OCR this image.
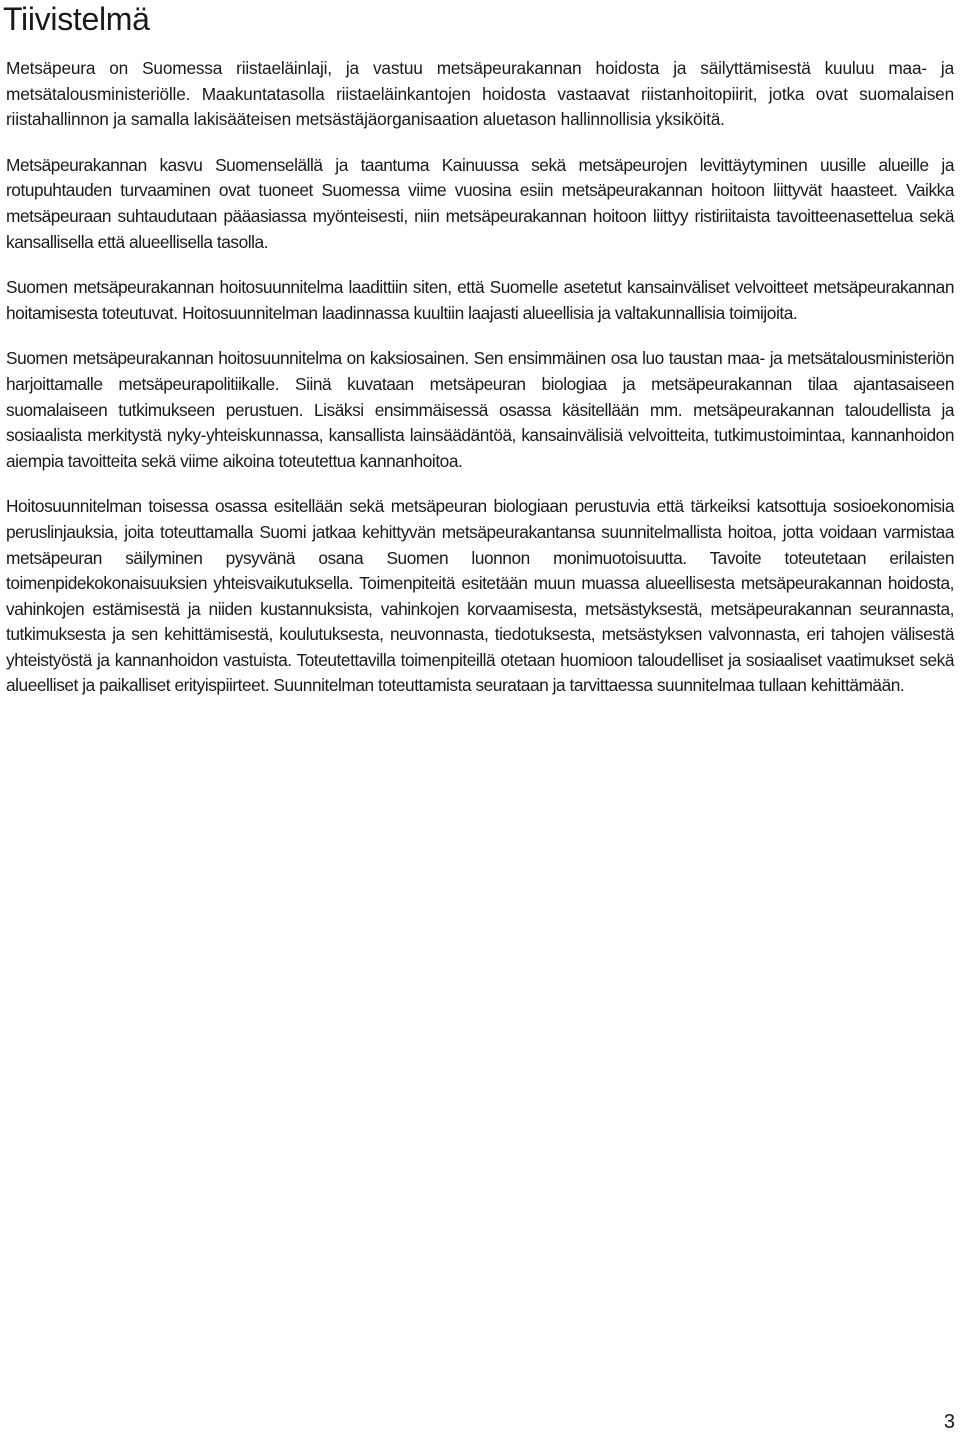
Tiivistelmä

Metsäpeura on Suomessa riistaeläinlaji, ja vastuu metsäpeurakannan hoidosta ja säilyttämisestä kuuluu maa- ja metsätalousministeriölle. Maakuntatasolla riistaeläinkantojen hoidosta vastaavat riistanhoitopiirit, jotka ovat suomalaisen riistahallinnon ja samalla lakisääteisen metsästäjäorganisaation aluetason hallinnollisia yksiköitä.

Metsäpeurakannan kasvu Suomenselällä ja taantuma Kainuussa sekä metsäpeurojen levittäytyminen uusille alueille ja rotupuhtauden turvaaminen ovat tuoneet Suomessa viime vuosina esiin metsäpeurakannan hoitoon liittyvät haasteet. Vaikka metsäpeuraan suhtaudutaan pääasiassa myönteisesti, niin metsäpeurakannan hoitoon liittyy ristiriitaista tavoitteenasettelua sekä kansallisella että alueellisella tasolla.

Suomen metsäpeurakannan hoitosuunnitelma laadittiin siten, että Suomelle asetetut kansainväliset velvoitteet metsäpeurakannan hoitamisesta toteutuvat. Hoitosuunnitelman laadinnassa kuultiin laajasti alueellisia ja valtakunnallisia toimijoita.

Suomen metsäpeurakannan hoitosuunnitelma on kaksiosainen. Sen ensimmäinen osa luo taustan maa- ja metsätalousministeriön harjoittamalle metsäpeurapolitiikalle. Siinä kuvataan metsäpeuran biologiaa ja metsäpeurakannan tilaa ajantasaiseen suomalaiseen tutkimukseen perustuen. Lisäksi ensimmäisessä osassa käsitellään mm. metsäpeurakannan taloudellista ja sosiaalista merkitystä nyky-yhteiskunnassa, kansallista lainsäädäntöä, kansainvälisiä velvoitteita, tutkimustoimintaa, kannanhoidon aiempia tavoitteita sekä viime aikoina toteutettua kannanhoitoa.

Hoitosuunnitelman toisessa osassa esitellään sekä metsäpeuran biologiaan perustuvia että tärkeiksi katsottuja sosioekonomisia peruslinjauksia, joita toteuttamalla Suomi jatkaa kehittyvän metsäpeurakantansa suunnitelmallista hoitoa, jotta voidaan varmistaa metsäpeuran säilyminen pysyvänä osana Suomen luonnon monimuotoisuutta. Tavoite toteutetaan erilaisten toimenpidekokonaisuuksien yhteisvaikutuksella. Toimenpiteitä esitetään muun muassa alueellisesta metsäpeurakannan hoidosta, vahinkojen estämisestä ja niiden kustannuksista, vahinkojen korvaamisesta, metsästyksestä, metsäpeurakannan seurannasta, tutkimuksesta ja sen kehittämisestä, koulutuksesta, neuvonnasta, tiedotuksesta, metsästyksen valvonnasta, eri tahojen välisestä yhteistyöstä ja kannanhoidon vastuista. Toteutettavilla toimenpiteillä otetaan huomioon taloudelliset ja sosiaaliset vaatimukset sekä alueelliset ja paikalliset erityispiirteet. Suunnitelman toteuttamista seurataan ja tarvittaessa suunnitelmaa tullaan kehittämään.

3
